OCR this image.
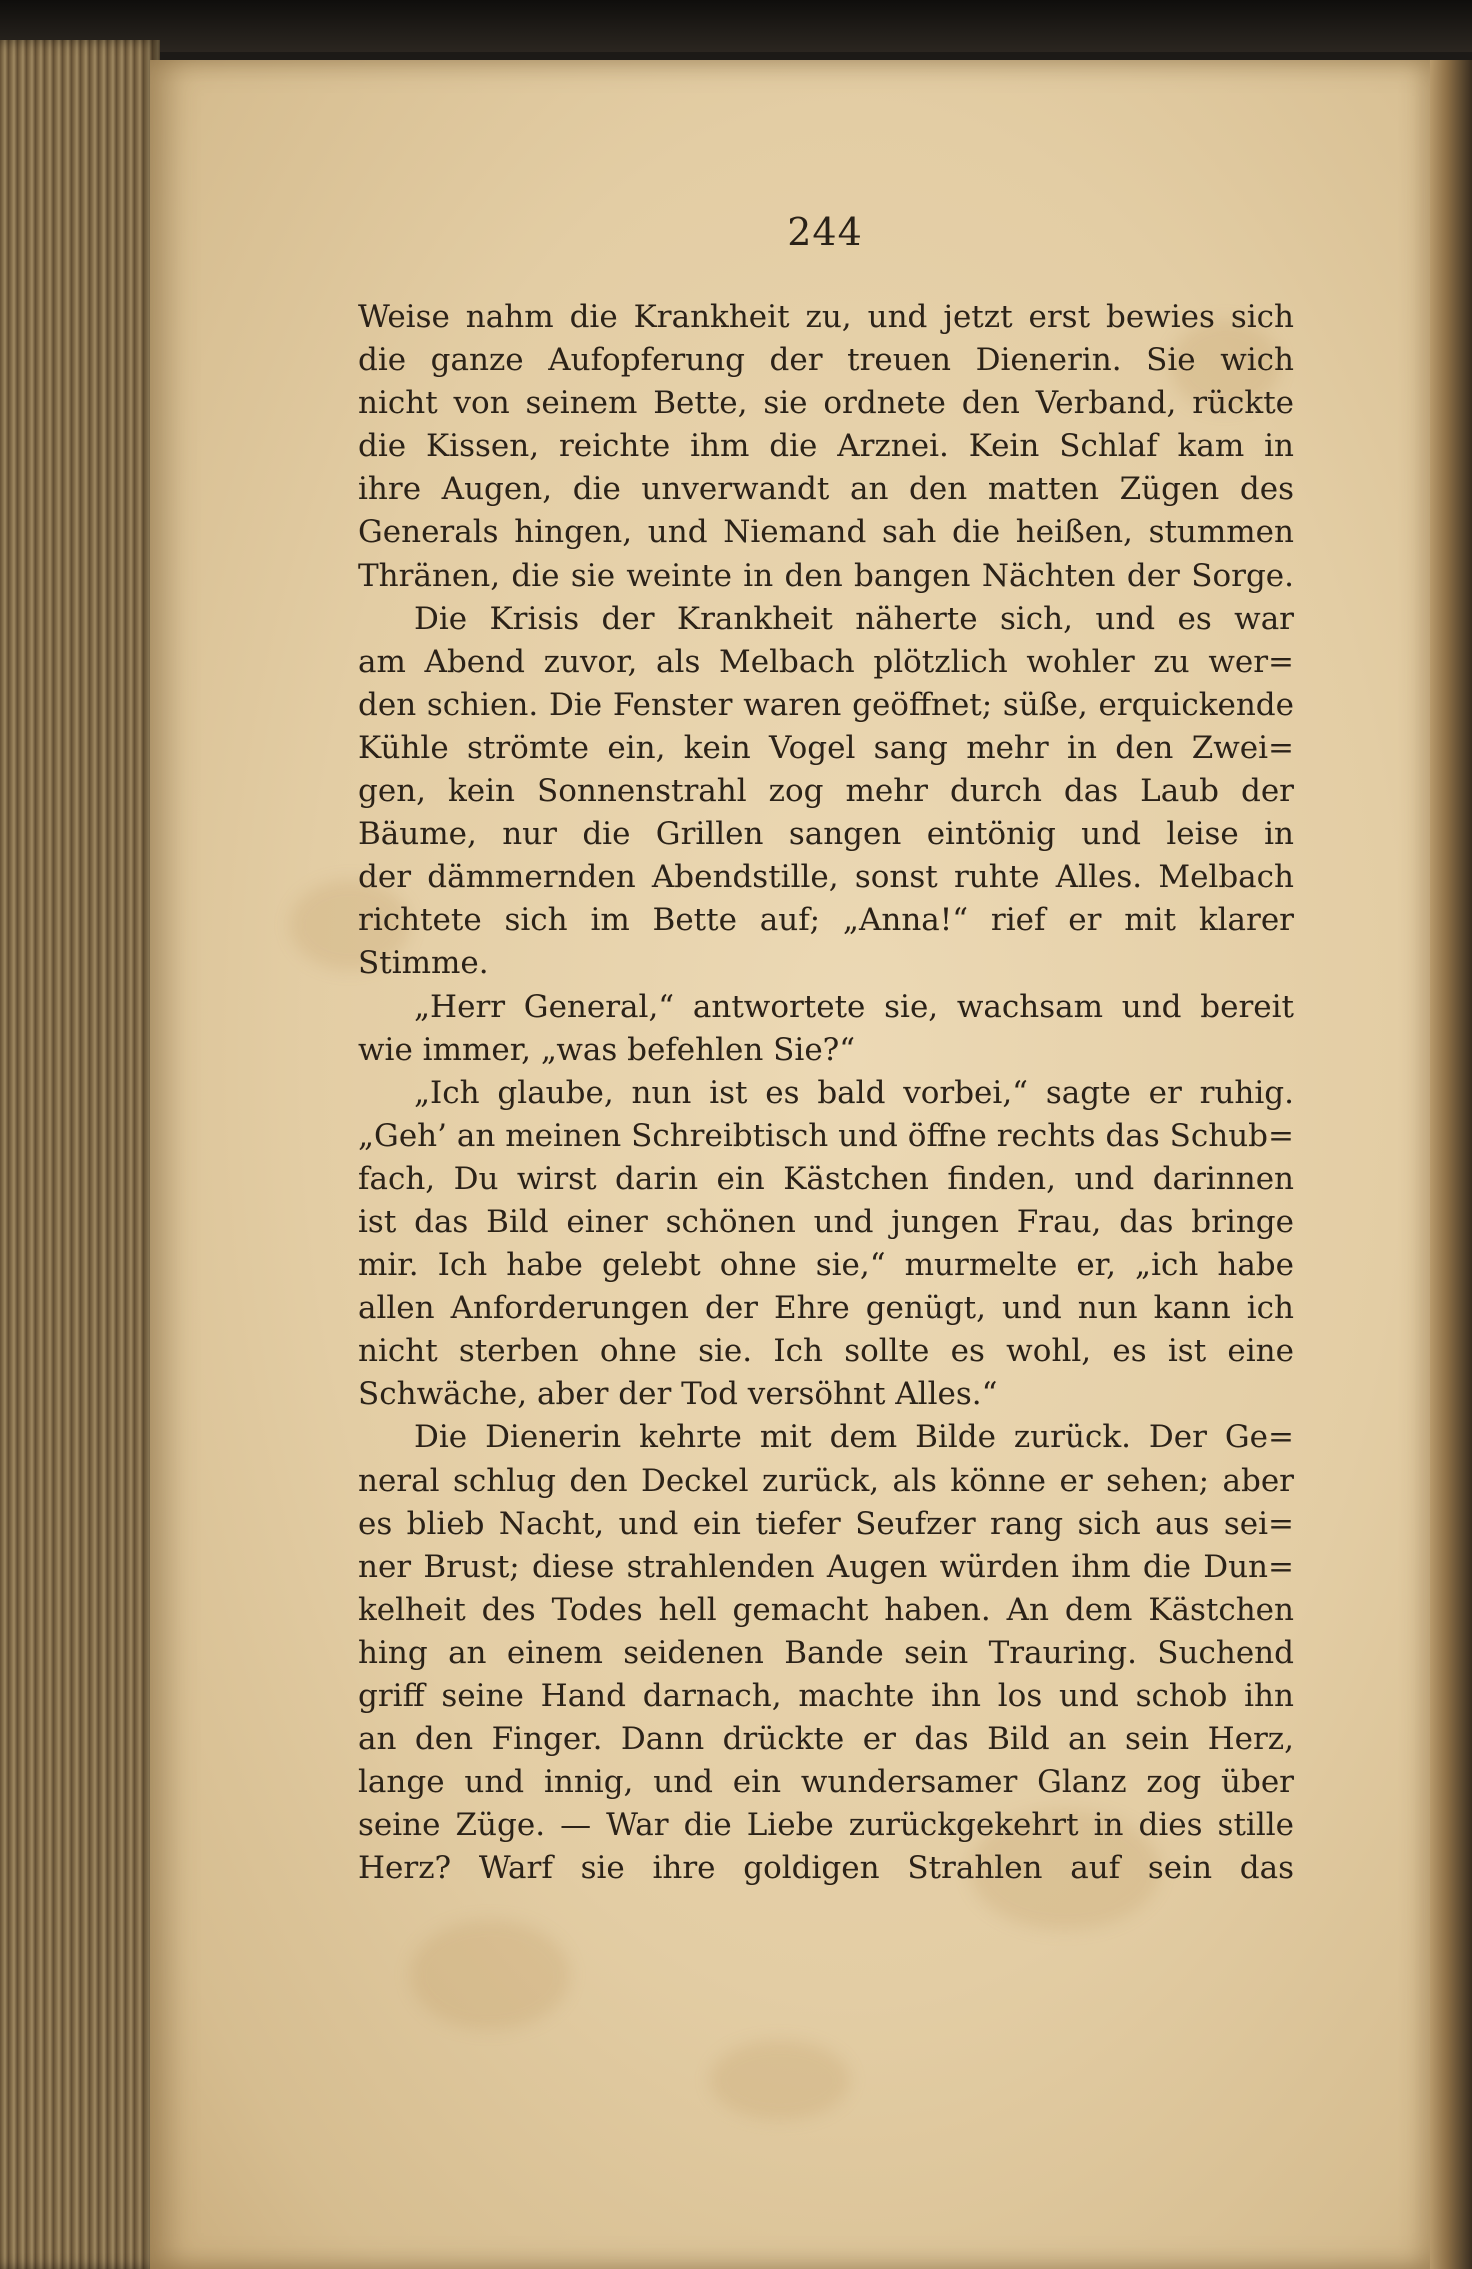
244
Weise nahm die Krankheit zu, und jetzt erst bewies sich
die ganze Aufopferung der treuen Dienerin. Sie wich
nicht von seinem Bette, sie ordnete den Verband, rückte
die Kissen, reichte ihm die Arznei. Kein Schlaf kam in
ihre Augen, die unverwandt an den matten Zügen des
Generals hingen, und Niemand sah die heißen, stummen
Thränen, die sie weinte in den bangen Nächten der Sorge.
Die Krisis der Krankheit näherte sich, und es war
am Abend zuvor, als Melbach plötzlich wohler zu wer=
den schien. Die Fenster waren geöffnet; süße, erquickende
Kühle strömte ein, kein Vogel sang mehr in den Zwei=
gen, kein Sonnenstrahl zog mehr durch das Laub der
Bäume, nur die Grillen sangen eintönig und leise in
der dämmernden Abendstille, sonst ruhte Alles. Melbach
richtete sich im Bette auf; „Anna!“ rief er mit klarer
Stimme.
„Herr General,“ antwortete sie, wachsam und bereit
wie immer, „was befehlen Sie?“
„Ich glaube, nun ist es bald vorbei,“ sagte er ruhig.
„Geh’ an meinen Schreibtisch und öffne rechts das Schub=
fach, Du wirst darin ein Kästchen finden, und darinnen
ist das Bild einer schönen und jungen Frau, das bringe
mir. Ich habe gelebt ohne sie,“ murmelte er, „ich habe
allen Anforderungen der Ehre genügt, und nun kann ich
nicht sterben ohne sie. Ich sollte es wohl, es ist eine
Schwäche, aber der Tod versöhnt Alles.“
Die Dienerin kehrte mit dem Bilde zurück. Der Ge=
neral schlug den Deckel zurück, als könne er sehen; aber
es blieb Nacht, und ein tiefer Seufzer rang sich aus sei=
ner Brust; diese strahlenden Augen würden ihm die Dun=
kelheit des Todes hell gemacht haben. An dem Kästchen
hing an einem seidenen Bande sein Trauring. Suchend
griff seine Hand darnach, machte ihn los und schob ihn
an den Finger. Dann drückte er das Bild an sein Herz,
lange und innig, und ein wundersamer Glanz zog über
seine Züge. — War die Liebe zurückgekehrt in dies stille
Herz? Warf sie ihre goldigen Strahlen auf sein das
